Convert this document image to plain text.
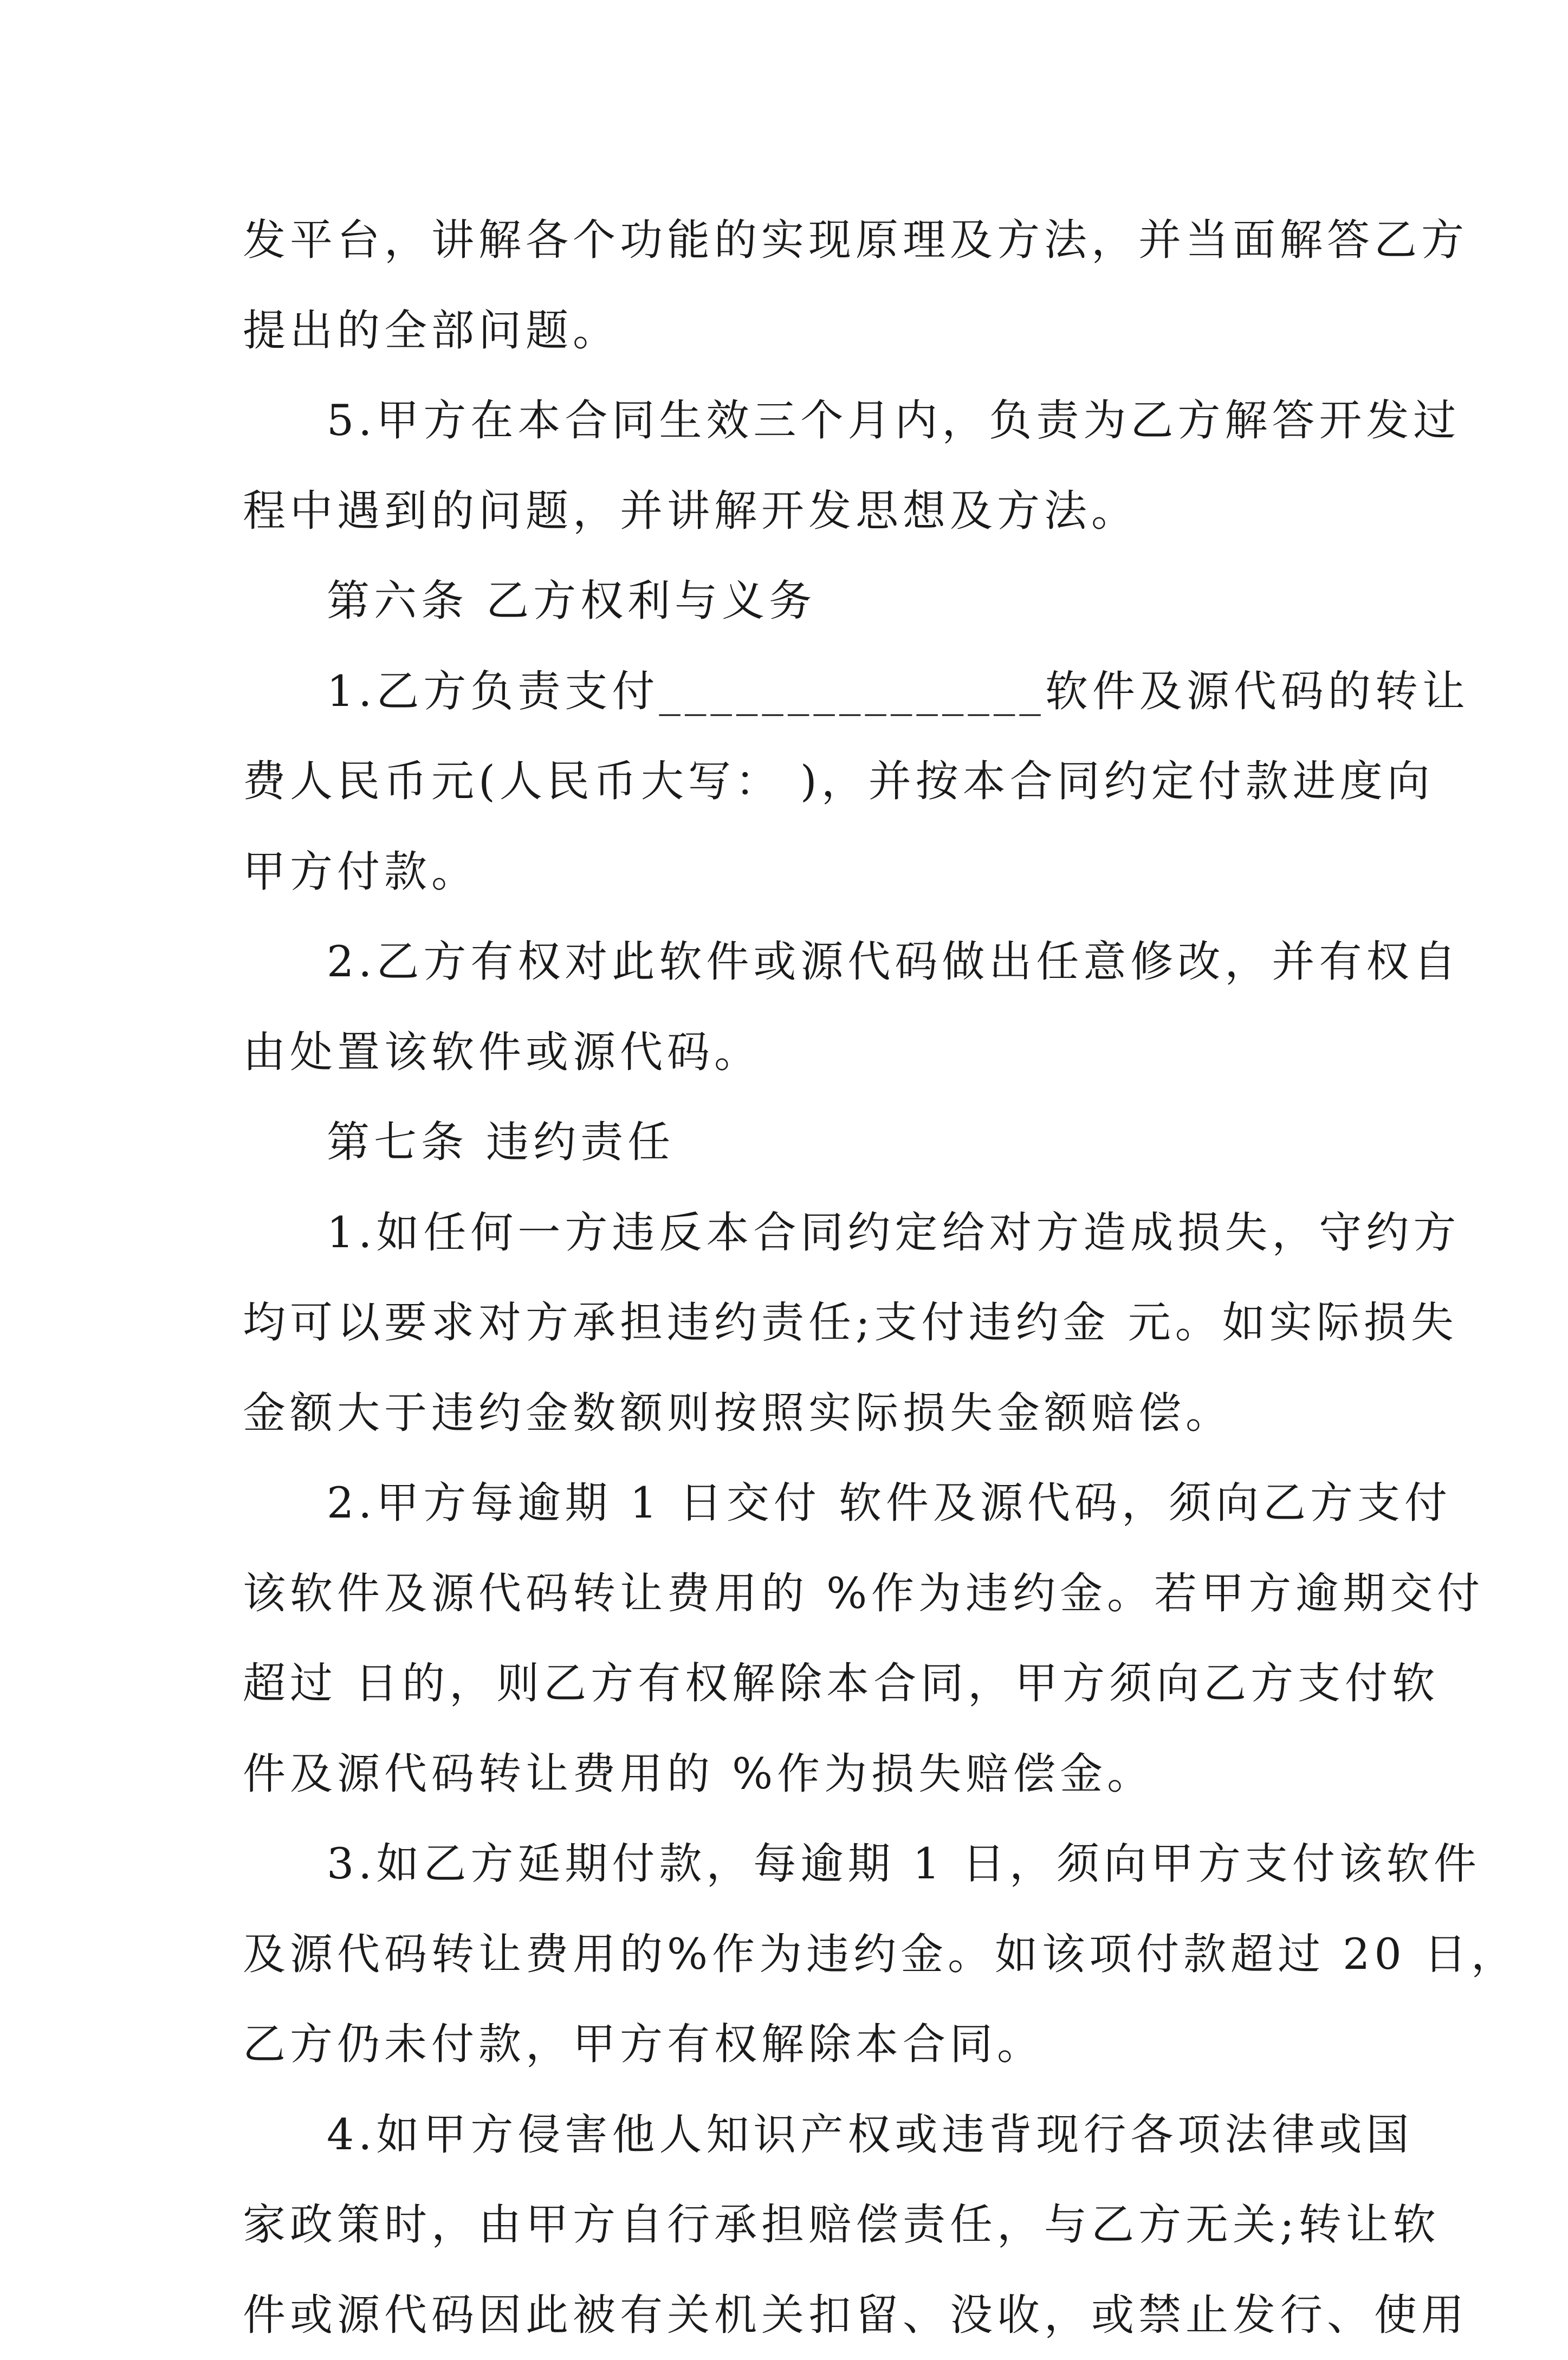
发平台，讲解各个功能的实现原理及方法，并当面解答乙方
提出的全部问题。
5.甲方在本合同生效三个月内，负责为乙方解答开发过
程中遇到的问题，并讲解开发思想及方法。
第六条 乙方权利与义务
1.乙方负责支付_______________软件及源代码的转让
费人民币元(人民币大写： )，并按本合同约定付款进度向
甲方付款。
2.乙方有权对此软件或源代码做出任意修改，并有权自
由处置该软件或源代码。
第七条 违约责任
1.如任何一方违反本合同约定给对方造成损失，守约方
均可以要求对方承担违约责任;支付违约金 元。如实际损失
金额大于违约金数额则按照实际损失金额赔偿。
2.甲方每逾期 1 日交付 软件及源代码，须向乙方支付
该软件及源代码转让费用的 %作为违约金。若甲方逾期交付
超过 日的，则乙方有权解除本合同，甲方须向乙方支付软
件及源代码转让费用的 %作为损失赔偿金。
3.如乙方延期付款，每逾期 1 日，须向甲方支付该软件
及源代码转让费用的%作为违约金。如该项付款超过 20 日，
乙方仍未付款，甲方有权解除本合同。
4.如甲方侵害他人知识产权或违背现行各项法律或国
家政策时，由甲方自行承担赔偿责任，与乙方无关;转让软
件或源代码因此被有关机关扣留、没收，或禁止发行、使用
